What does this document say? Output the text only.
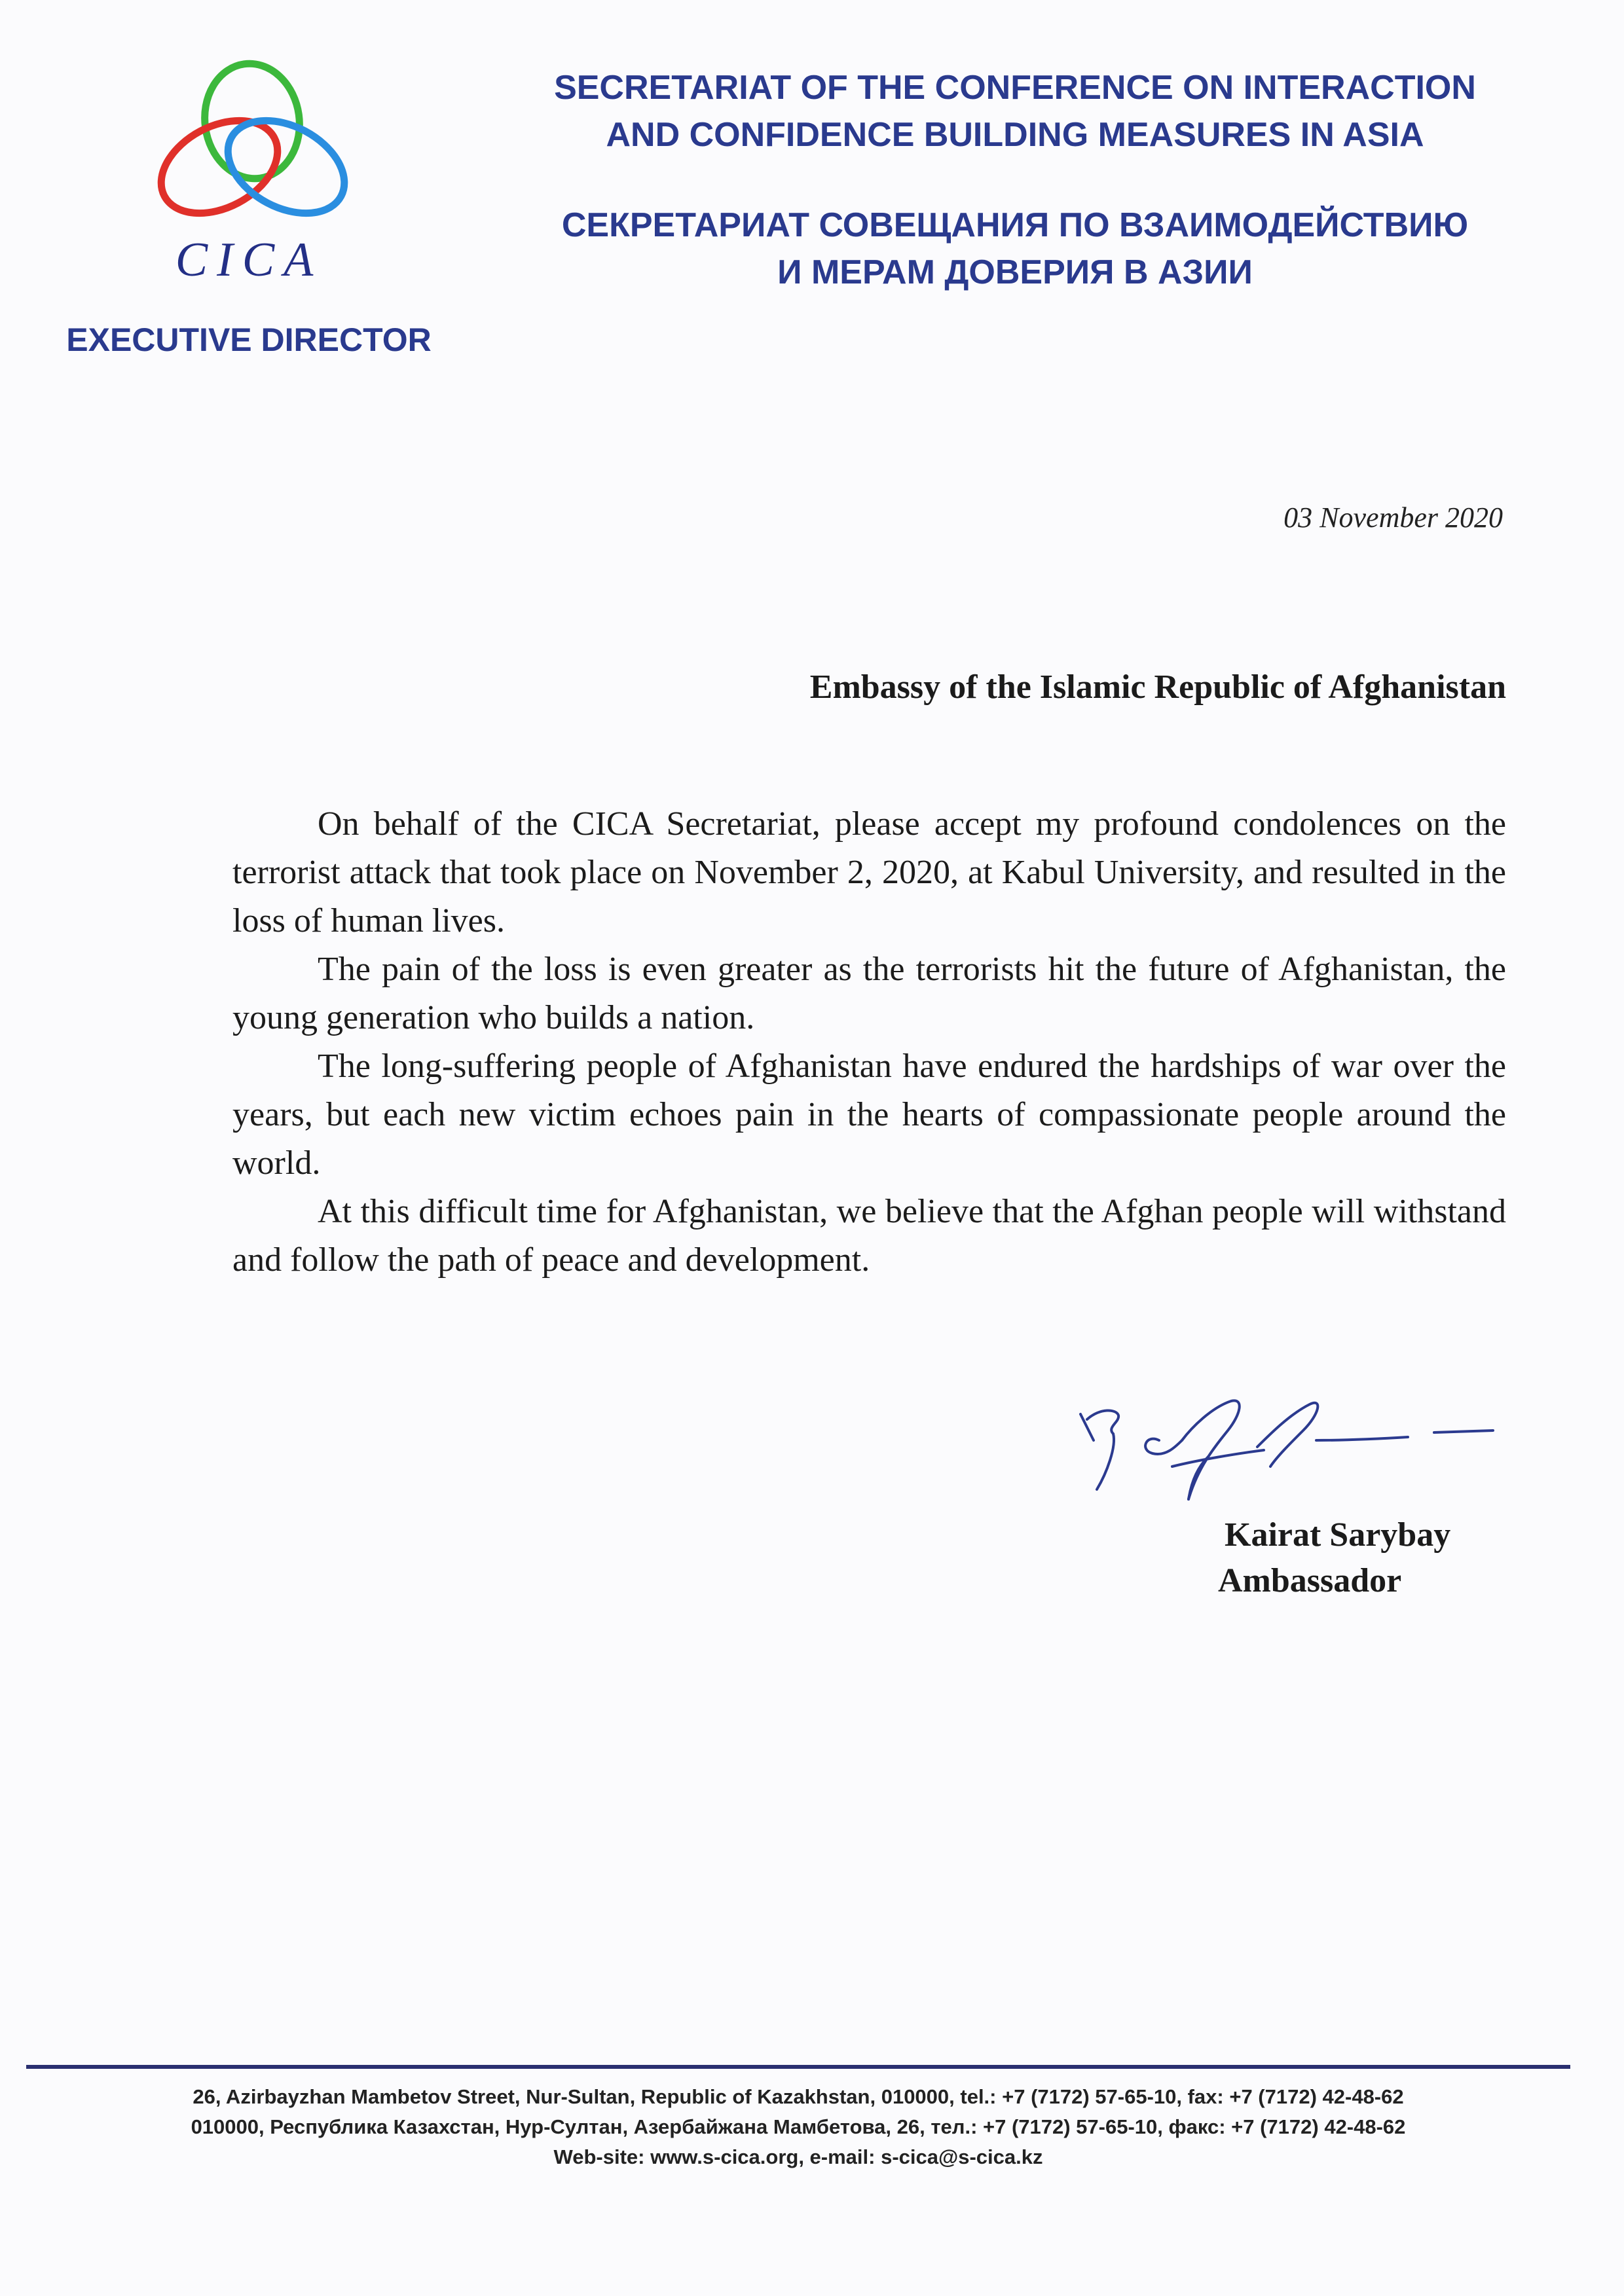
CICA
EXECUTIVE DIRECTOR
SECRETARIAT OF THE CONFERENCE ON INTERACTION
AND CONFIDENCE BUILDING MEASURES IN ASIA
СЕКРЕТАРИАТ СОВЕЩАНИЯ ПО ВЗАИМОДЕЙСТВИЮ
И МЕРАМ ДОВЕРИЯ В АЗИИ
03 November 2020
Embassy of the Islamic Republic of Afghanistan

On behalf of the CICA Secretariat, please accept my profound condolences on the terrorist attack that took place on November 2, 2020, at Kabul University, and resulted in the loss of human lives.

The pain of the loss is even greater as the terrorists hit the future of Afghanistan, the young generation who builds a nation.

The long-suffering people of Afghanistan have endured the hardships of war over the years, but each new victim echoes pain in the hearts of compassionate people around the world.

At this difficult time for Afghanistan, we believe that the Afghan people will withstand and follow the path of peace and development.

Kairat Sarybay
Ambassador
26, Azirbayzhan Mambetov Street, Nur-Sultan, Republic of Kazakhstan, 010000, tel.: +7 (7172) 57-65-10, fax: +7 (7172) 42-48-62
010000, Республика Казахстан, Нур-Султан, Азербайжана Мамбетова, 26, тел.: +7 (7172) 57-65-10, факс: +7 (7172) 42-48-62
Web-site: www.s-cica.org, e-mail: s-cica@s-cica.kz
